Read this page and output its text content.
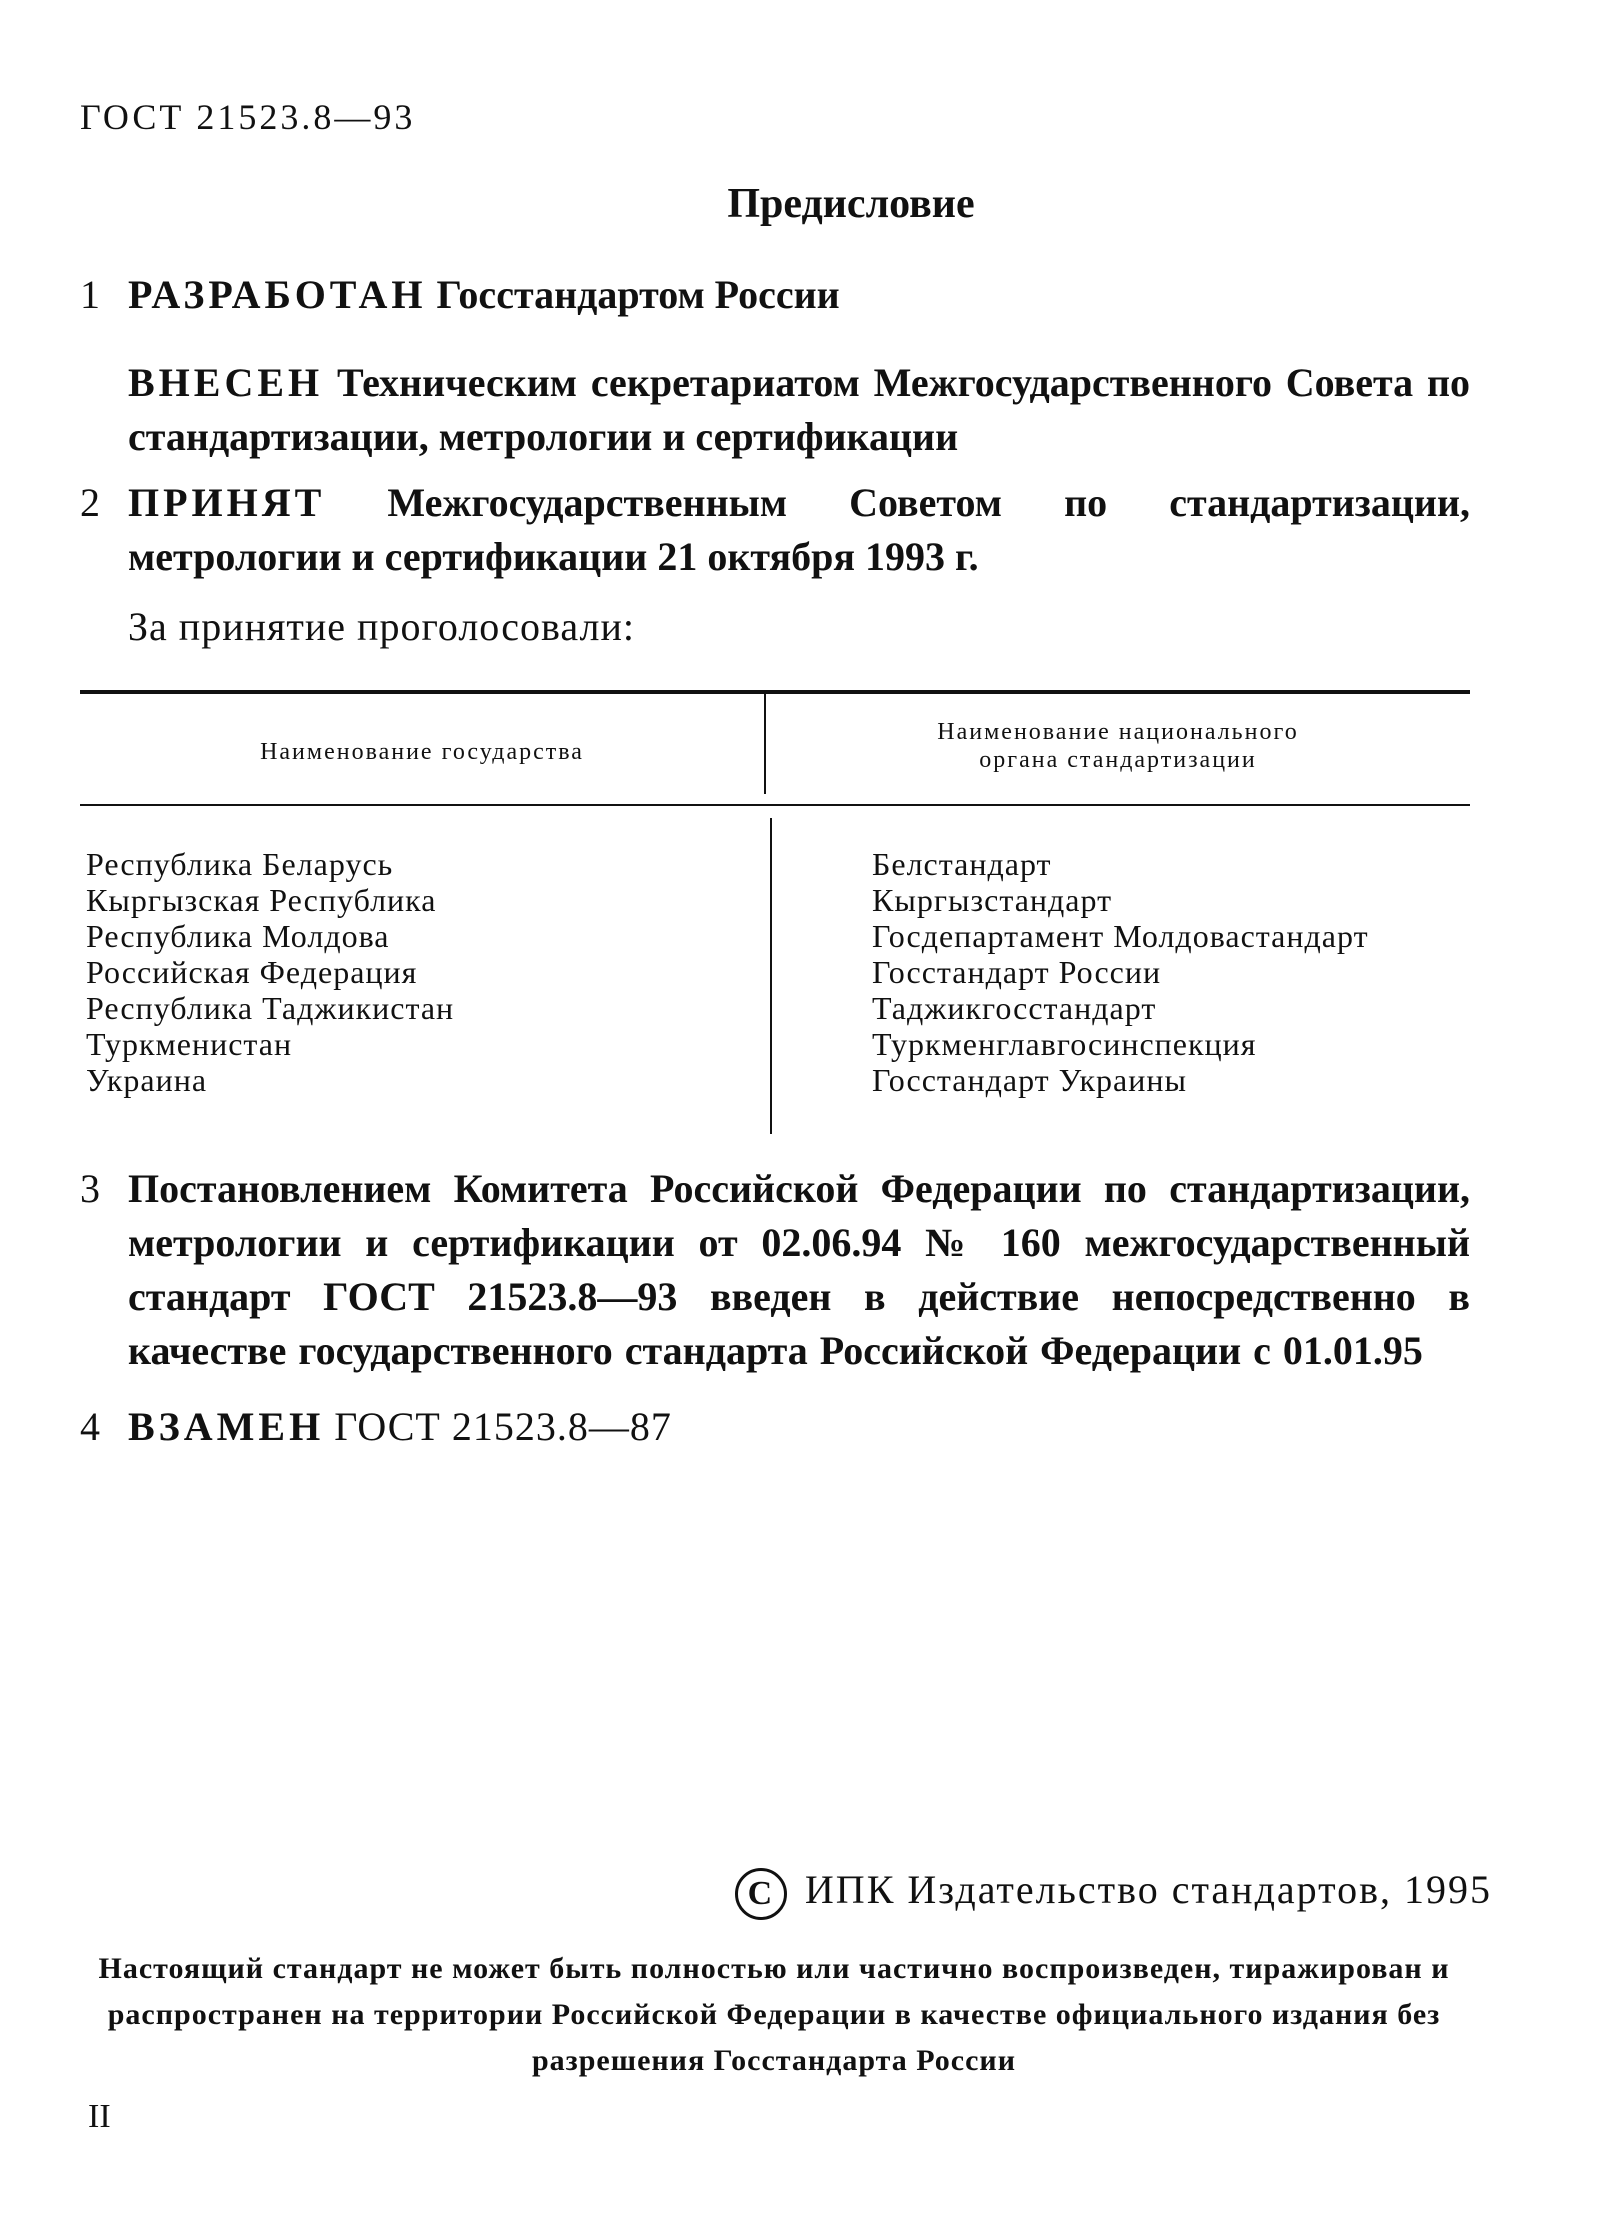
ГОСТ 21523.8—93
Предисловие
1 РАЗРАБОТАН Госстандартом России
ВНЕСЕН Техническим секретариатом Межгосударственного Совета по стандартизации, метрологии и сертификации
2 ПРИНЯТ Межгосударственным Советом по стандартизации, метрологии и сертификации 21 октября 1993 г.
За принятие проголосовали:
Наименование государства
Наименование национального
органа стандартизации
Республика Беларусь
Кыргызская Республика
Республика Молдова
Российская Федерация
Республика Таджикистан
Туркменистан
Украина
Белстандарт
Кыргызстандарт
Госдепартамент Молдовастандарт
Госстандарт России
Таджикгосстандарт
Туркменглавгосинспекция
Госстандарт Украины
3 Постановлением Комитета Российской Федерации по стандартизации, метрологии и сертификации от 02.06.94 № 160 межгосударственный стандарт ГОСТ 21523.8—93 введен в действие непосредственно в качестве государственного стандарта Российской Федерации с 01.01.95
4 ВЗАМЕН ГОСТ 21523.8—87
C ИПК Издательство стандартов, 1995
Настоящий стандарт не может быть полностью или частично воспроизведен, тиражирован и распространен на территории Российской Федерации в качестве официального издания без разрешения Госстандарта России
II
